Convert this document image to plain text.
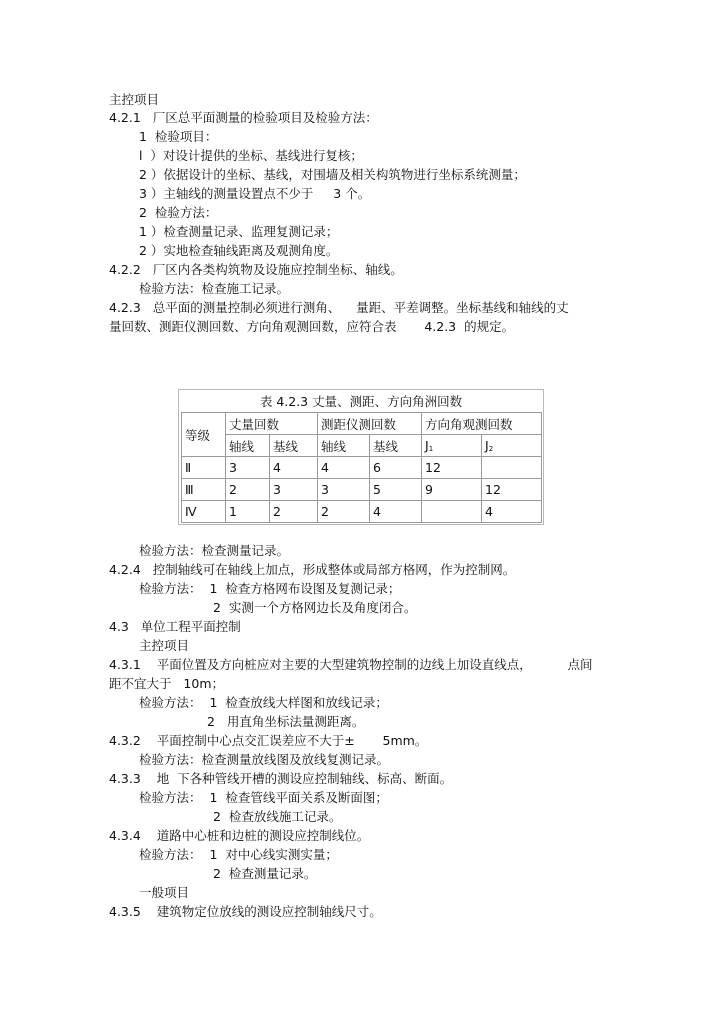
主控项目
4.2.1   厂区总平面测量的检验项目及检验方法：
1  检验项目：
l  ）对设计提供的坐标、基线进行复核；
2 ）依据设计的坐标、基线，对围墙及相关构筑物进行坐标系统测量；
3 ）主轴线的测量设置点不少于     3 个。
2  检验方法：
1 ）检查测量记录、监理复测记录；
2 ）实地检查轴线距离及观测角度。
4.2.2   厂区内各类构筑物及设施应控制坐标、轴线。
检验方法：检查施工记录。
4.2.3   总平面的测量控制必须进行测角、    量距、平差调整。坐标基线和轴线的丈
量回数、测距仪测回数、方向角观测回数，应符合表       4.2.3  的规定。
表 4.2.3 丈量、测距、方向角洲回数
等级	丈量回数		测距仪测回数		方向角观测回数	
	轴线	基线	轴线	基线	$J_1$	$J_2$
Ⅱ	3	4	4	6	12	
Ⅲ	2	3	3	5	9	12
Ⅳ	1	2	2	4		4
检验方法：检查测量记录。
4.2.4   控制轴线可在轴线上加点，形成整体或局部方格网，作为控制网。
检验方法：  1  检查方格网布设图及复测记录；
2  实测一个方格网边长及角度闭合。
4.3   单位工程平面控制
主控项目
4.3.1    平面位置及方向桩应对主要的大型建筑物控制的边线上加设直线点，         点间
距不宜大于   10m；
检验方法：  1  检查放线大样图和放线记录；
2   用直角坐标法量测距离。
4.3.2    平面控制中心点交汇误差应不大于±       5mm。
检验方法：检查测量放线图及放线复测记录。
4.3.3    地  下各种管线开槽的测设应控制轴线、标高、断面。
检验方法：  1  检查管线平面关系及断面图；
2  检查放线施工记录。
4.3.4    道路中心桩和边桩的测设应控制线位。
检验方法：  1  对中心线实测实量；
2  检查测量记录。
一般项目
4.3.5    建筑物定位放线的测设应控制轴线尺寸。
